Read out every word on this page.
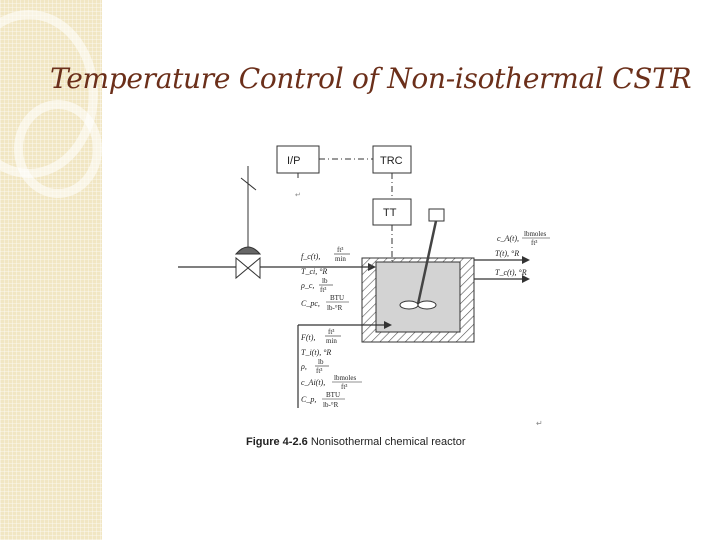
Temperature Control of Non-isothermal CSTR
I/P	TRC
TT
f_c(t),
ft³
min
T_ci, °R
ρ_c, lb
ft³
C_pc,
BTU
lb-°R
F(t),
ft³
min
T_i(t), °R
ρ, lb
ft³
c_Ai(t), lbmoles
ft³
C_p, BTU
lb-°R
c_A(t), lbmoles
ft³
T(t), °R
T_c(t), °R
↵
↵
Figure 4-2.6 Nonisothermal chemical reactor
